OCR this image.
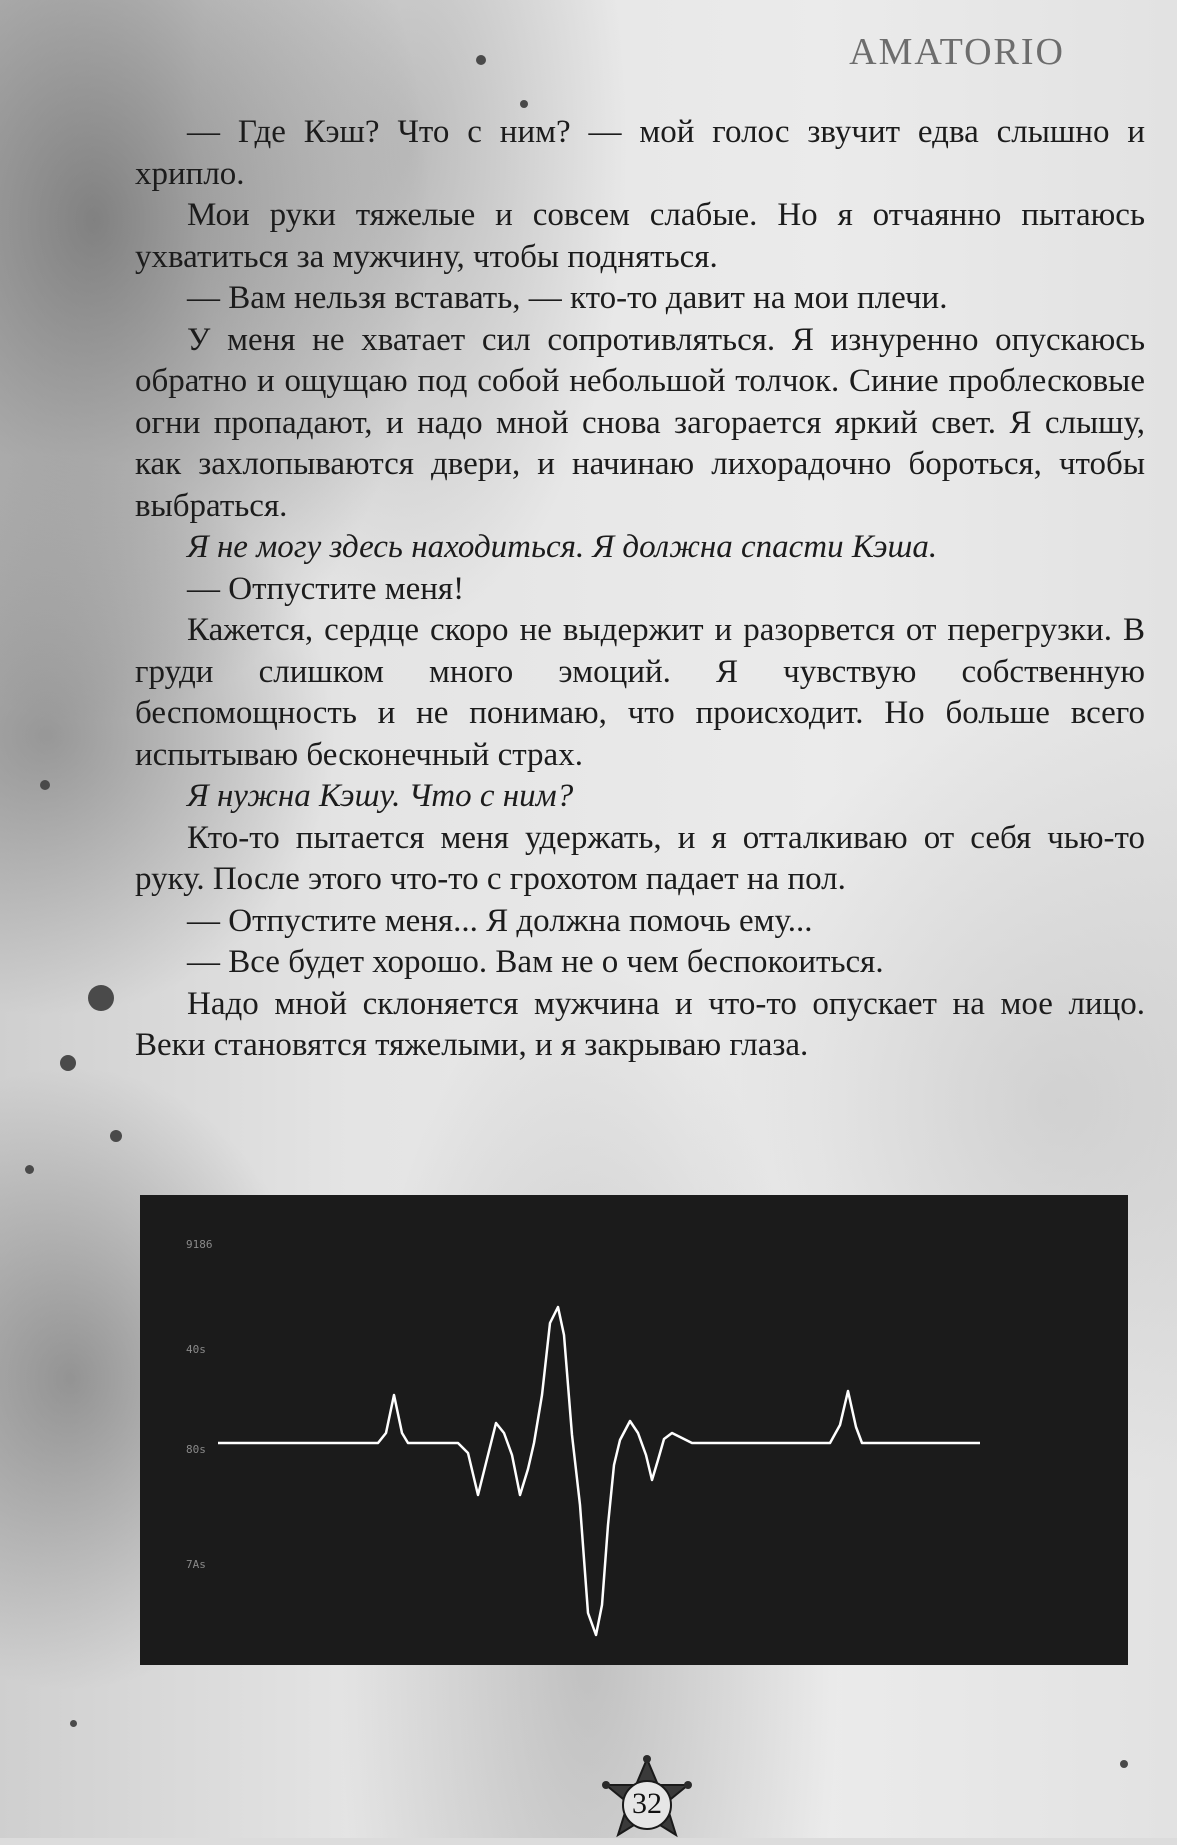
AMATORIO

— Где Кэш? Что с ним? — мой голос звучит едва слышно и хрипло.

Мои руки тяжелые и совсем слабые. Но я отчаянно пытаюсь ухватиться за мужчину, чтобы подняться.

— Вам нельзя вставать, — кто-то давит на мои плечи.

У меня не хватает сил сопротивляться. Я изнуренно опускаюсь обратно и ощущаю под собой небольшой толчок. Синие проблесковые огни пропадают, и надо мной снова загорается яркий свет. Я слышу, как захлопываются двери, и начинаю лихорадочно бороться, чтобы выбраться.

Я не могу здесь находиться. Я должна спасти Кэша.

— Отпустите меня!

Кажется, сердце скоро не выдержит и разорвется от перегрузки. В груди слишком много эмоций. Я чувствую собственную беспомощность и не понимаю, что происходит. Но больше всего испытываю бесконечный страх.

Я нужна Кэшу. Что с ним?

Кто-то пытается меня удержать, и я отталкиваю от себя чью-то руку. После этого что-то с грохотом падает на пол.

— Отпустите меня... Я должна помочь ему...

— Все будет хорошо. Вам не о чем беспокоиться.

Надо мной склоняется мужчина и что-то опускает на мое лицо. Веки становятся тяжелыми, и я закрываю глаза.

9186
40s
80s
7As
32
